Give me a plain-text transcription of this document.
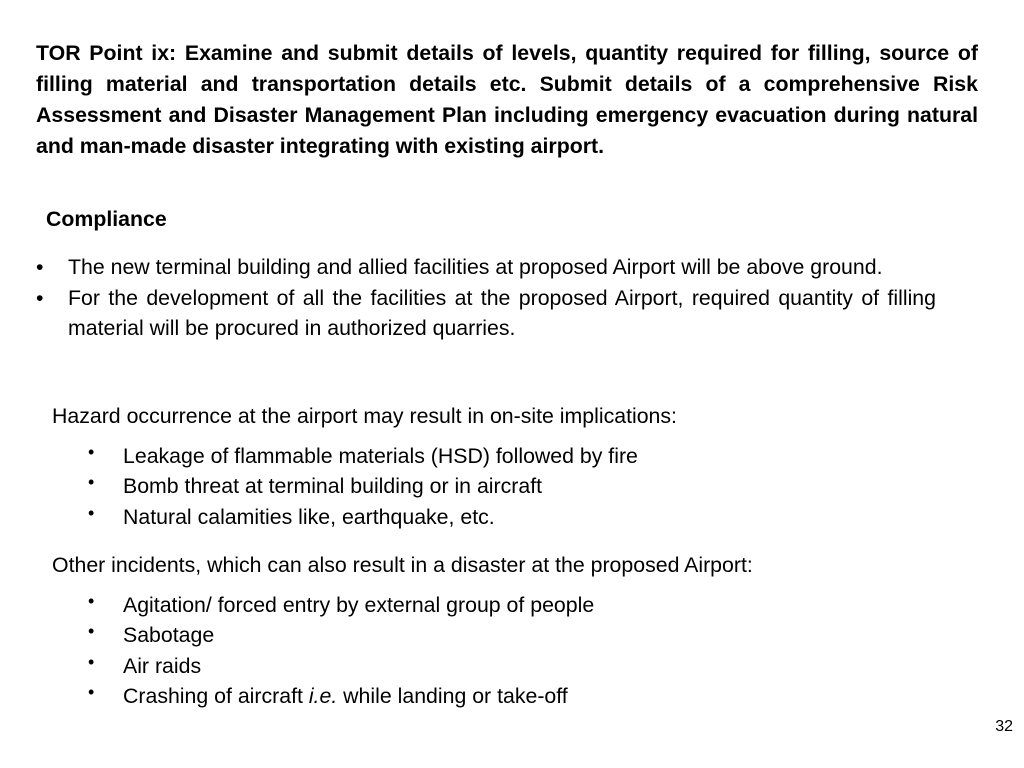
TOR Point ix: Examine and submit details of levels, quantity required for filling, source of filling material and transportation details etc. Submit details of a comprehensive Risk Assessment and Disaster Management Plan including emergency evacuation during natural and man-made disaster integrating with existing airport.

Compliance

• The new terminal building and allied facilities at proposed Airport will be above ground.
• For the development of all the facilities at the proposed Airport, required quantity of filling material will be procured in authorized quarries.

Hazard occurrence at the airport may result in on-site implications:

• Leakage of flammable materials (HSD) followed by fire
• Bomb threat at terminal building or in aircraft
• Natural calamities like, earthquake, etc.

Other incidents, which can also result in a disaster at the proposed Airport:

• Agitation/ forced entry by external group of people
• Sabotage
• Air raids
• Crashing of aircraft i.e. while landing or take-off
32
